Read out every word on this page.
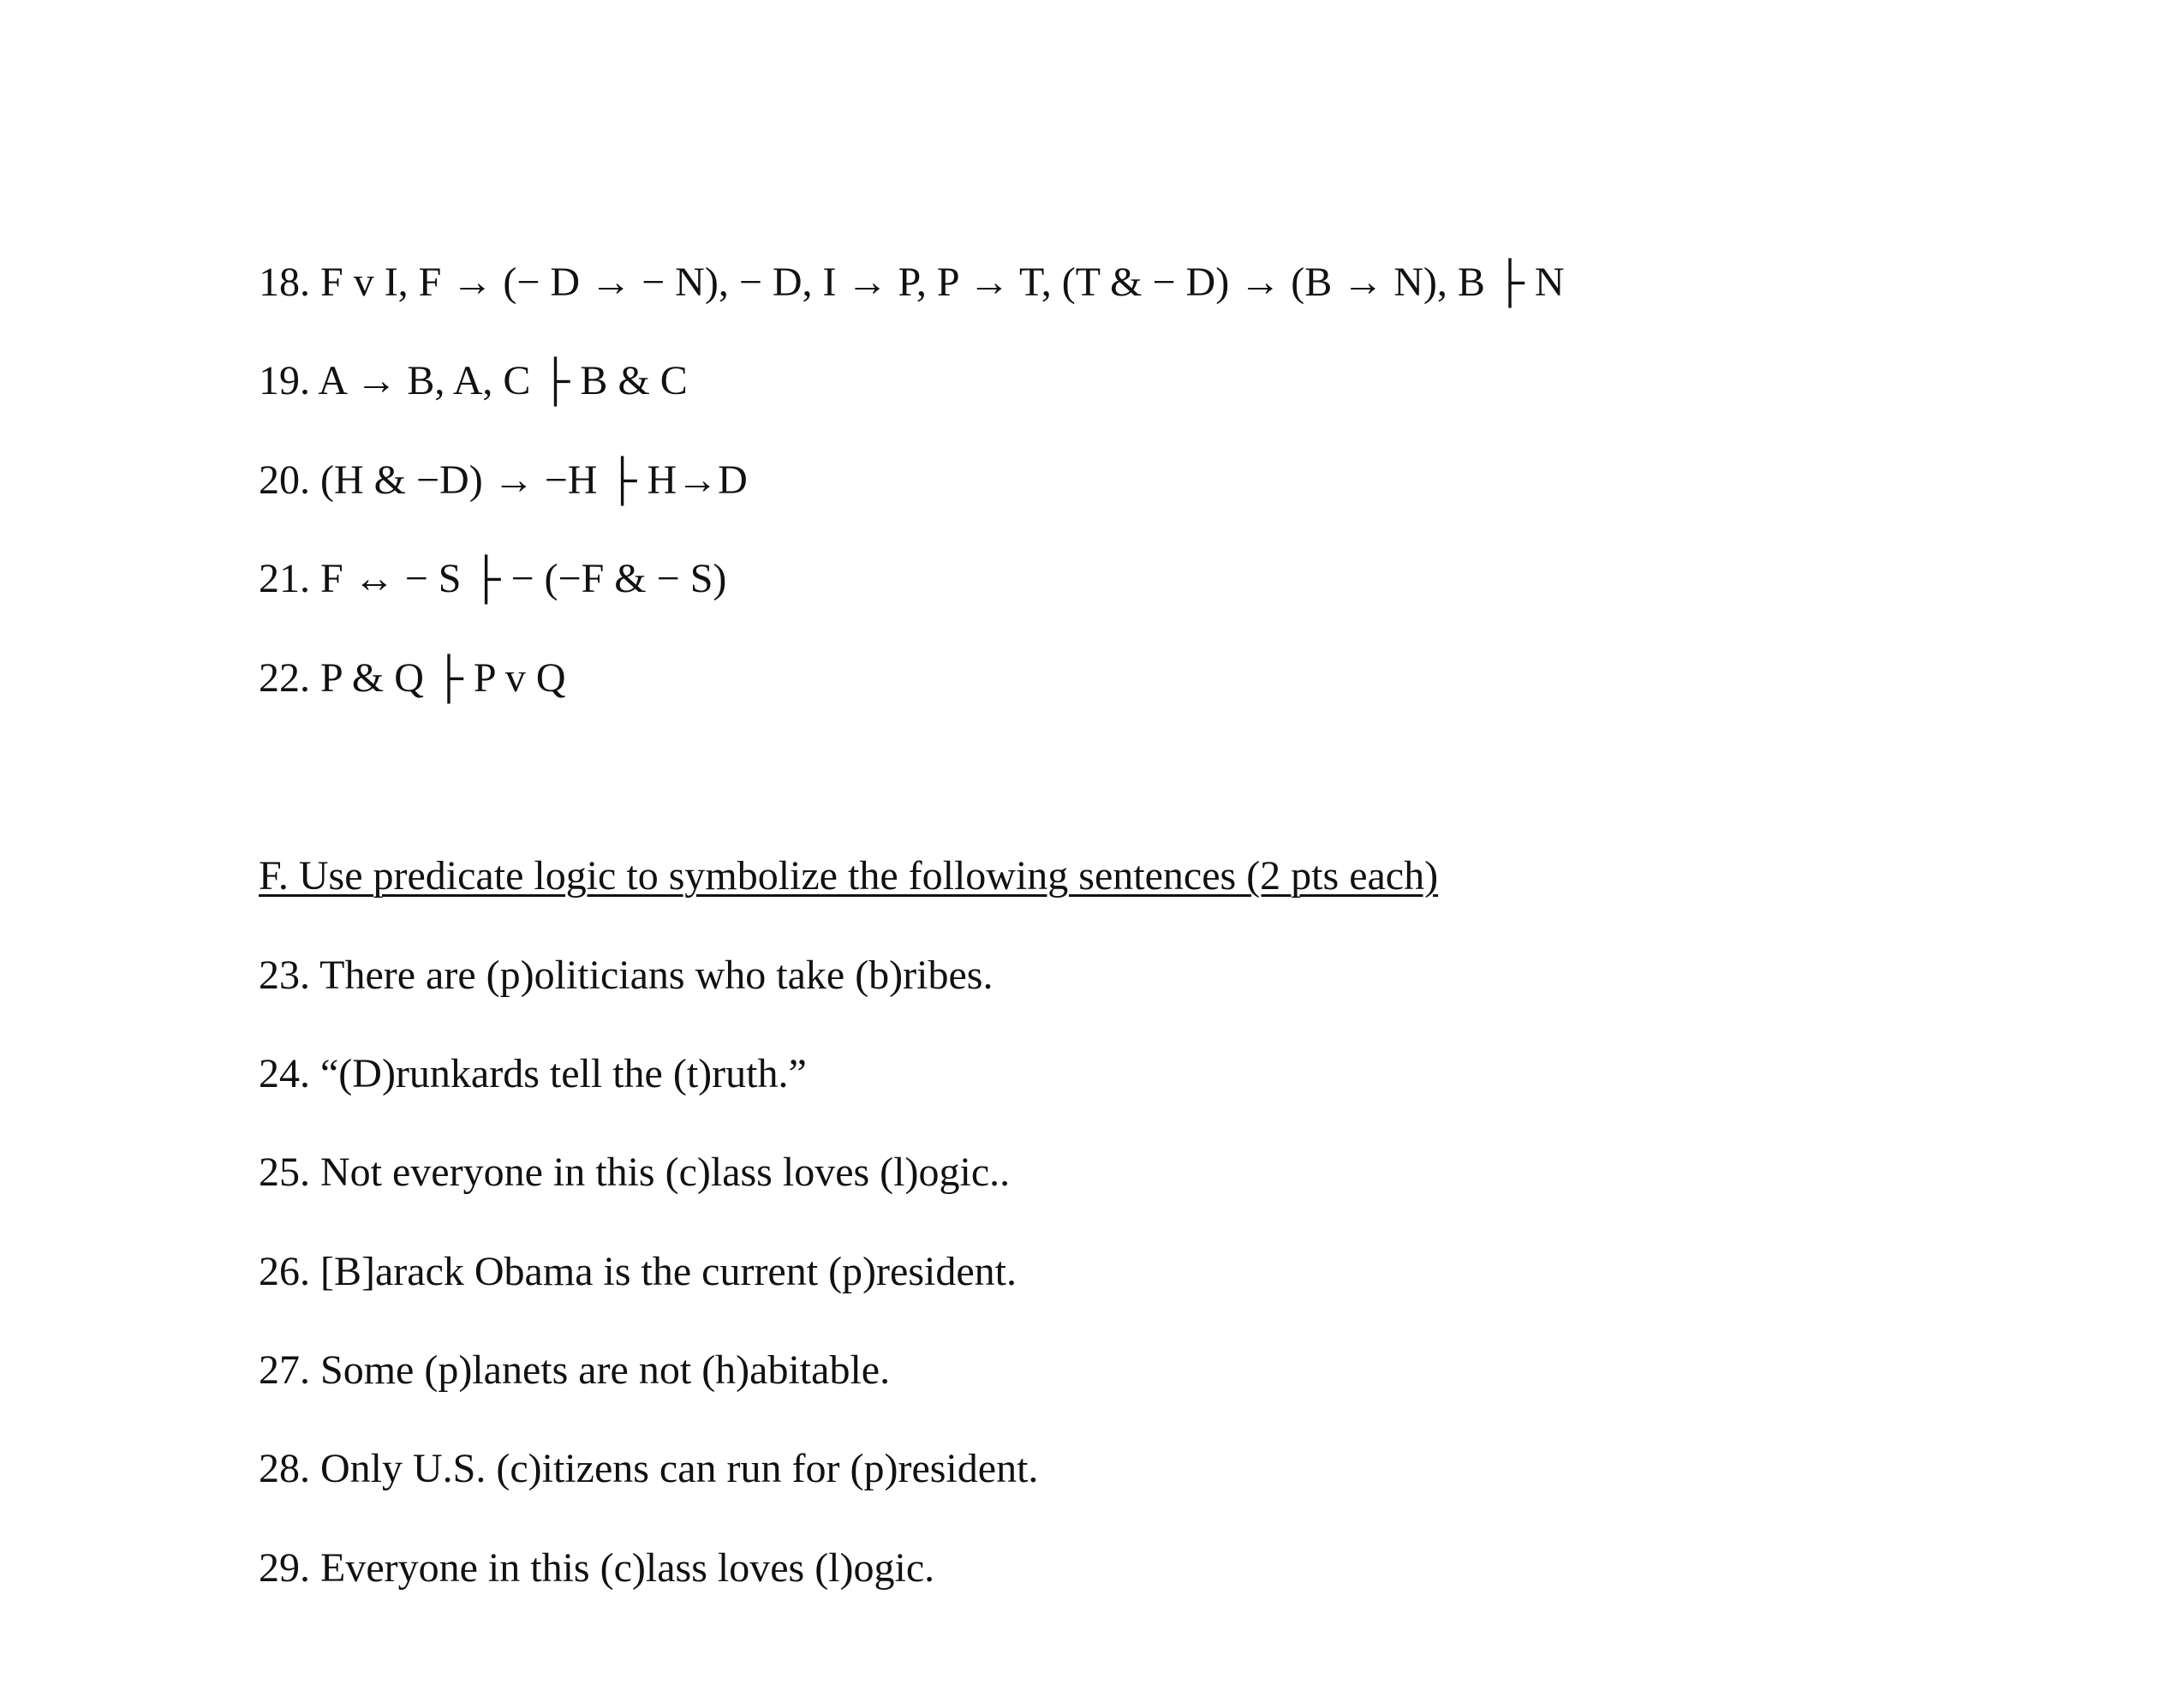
18. F v I, F → (− D → − N), − D, I → P, P → T, (T & − D) → (B → N), B ├ N
19. A → B, A, C ├ B & C
20. (H & −D) → −H ├ H→D
21. F ↔ − S ├ − (−F & − S)
22. P & Q ├ P v Q
F. Use predicate logic to symbolize the following sentences (2 pts each)
23. There are (p)oliticians who take (b)ribes.
24. “(D)runkards tell the (t)ruth.”
25. Not everyone in this (c)lass loves (l)ogic..
26. [B]arack Obama is the current (p)resident.
27. Some (p)lanets are not (h)abitable.
28. Only U.S. (c)itizens can run for (p)resident.
29. Everyone in this (c)lass loves (l)ogic.
